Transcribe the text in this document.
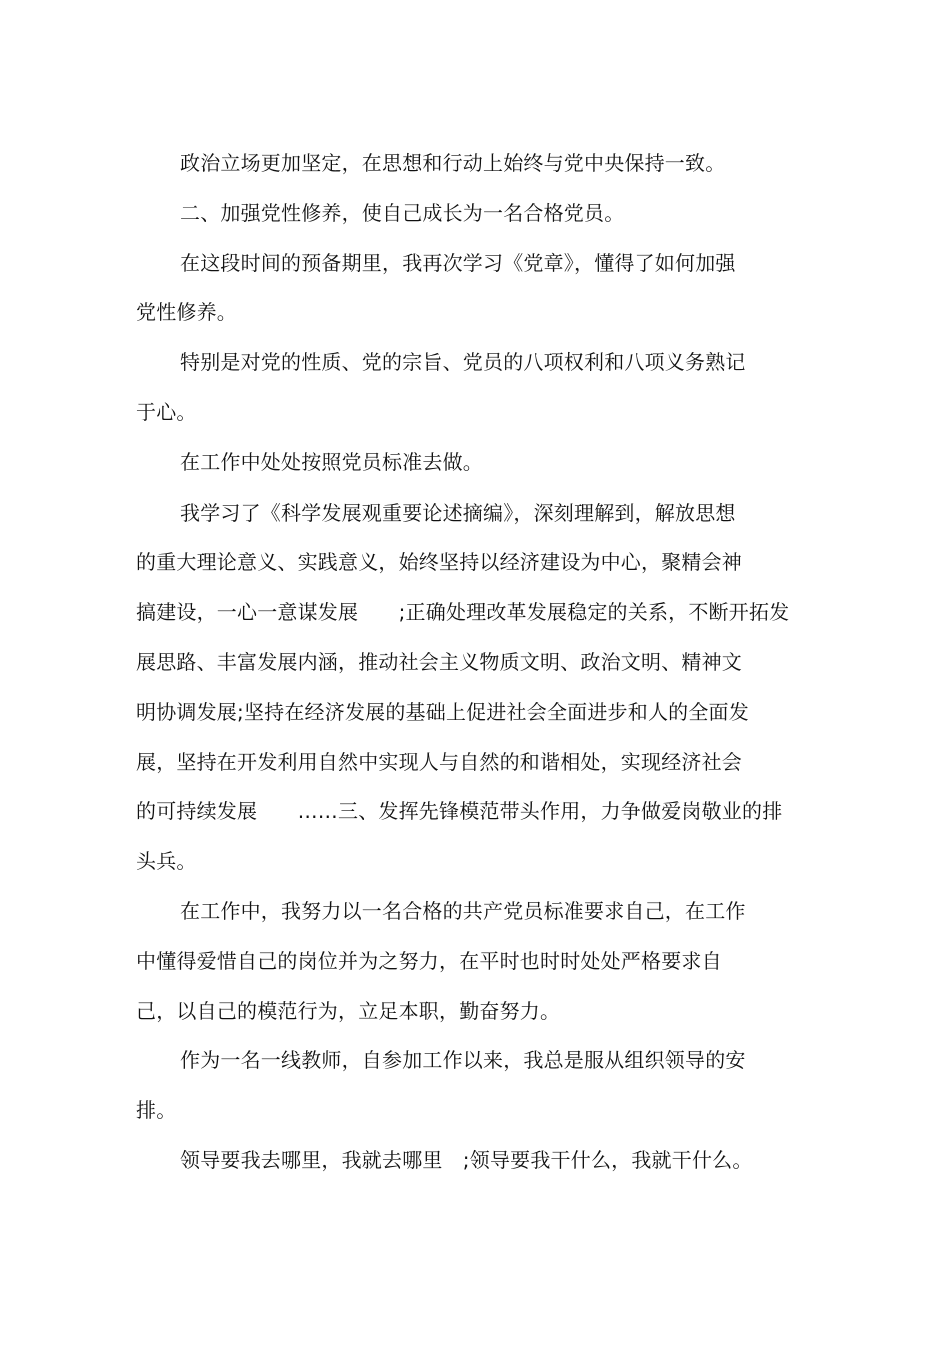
政治立场更加坚定，在思想和行动上始终与党中央保持一致。
二、加强党性修养，使自己成长为一名合格党员。
在这段时间的预备期里，我再次学习《党章》，懂得了如何加强
党性修养。
特别是对党的性质、党的宗旨、党员的八项权利和八项义务熟记
于心。
在工作中处处按照党员标准去做。
我学习了《科学发展观重要论述摘编》，深刻理解到，解放思想
的重大理论意义、实践意义，始终坚持以经济建设为中心，聚精会神
搞建设，一心一意谋发展　　;正确处理改革发展稳定的关系，不断开拓发
展思路、丰富发展内涵，推动社会主义物质文明、政治文明、精神文
明协调发展;坚持在经济发展的基础上促进社会全面进步和人的全面发
展，坚持在开发利用自然中实现人与自然的和谐相处，实现经济社会
的可持续发展　　……三、发挥先锋模范带头作用，力争做爱岗敬业的排
头兵。
在工作中，我努力以一名合格的共产党员标准要求自己，在工作
中懂得爱惜自己的岗位并为之努力，在平时也时时处处严格要求自
己，以自己的模范行为，立足本职，勤奋努力。
作为一名一线教师，自参加工作以来，我总是服从组织领导的安
排。
领导要我去哪里，我就去哪里　;领导要我干什么，我就干什么。
